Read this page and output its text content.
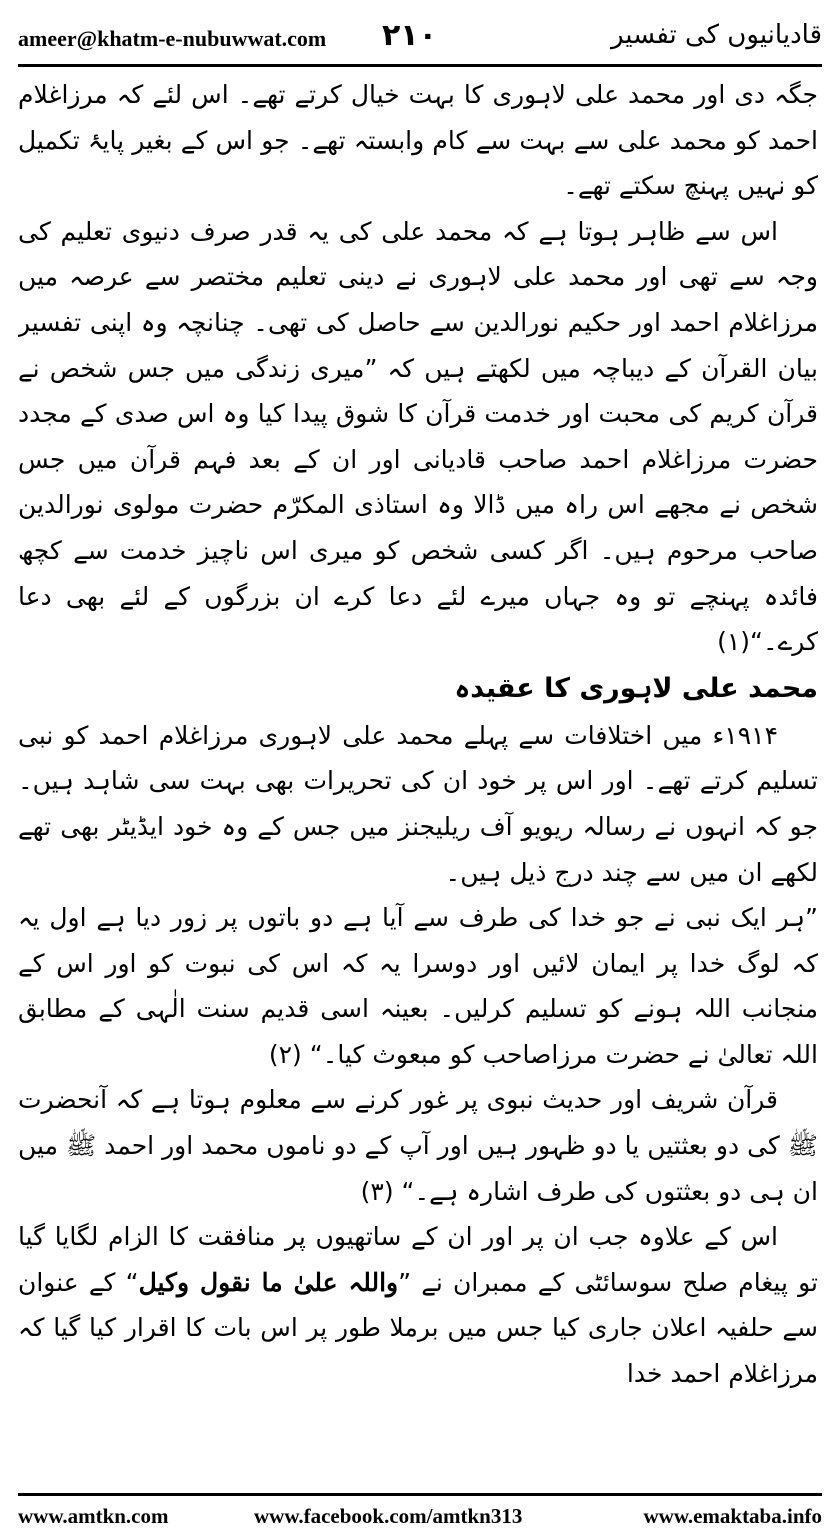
ameer@khatm-e-nubuwwat.com ۲۱۰	قادیانیوں کی تفسیر

جگہ دی اور محمد علی لاہوری کا بہت خیال کرتے تھے۔ اس لئے کہ مرزاغلام احمد کو محمد علی سے بہت سے کام وابستہ تھے۔ جو اس کے بغیر پایۂ تکمیل کو نہیں پہنچ سکتے تھے۔

اس سے ظاہر ہوتا ہے کہ محمد علی کی یہ قدر صرف دنیوی تعلیم کی وجہ سے تھی اور محمد علی لاہوری نے دینی تعلیم مختصر سے عرصہ میں مرزاغلام احمد اور حکیم نورالدین سے حاصل کی تھی۔ چنانچہ وہ اپنی تفسیر بیان القرآن کے دیباچہ میں لکھتے ہیں کہ ”میری زندگی میں جس شخص نے قرآن کریم کی محبت اور خدمت قرآن کا شوق پیدا کیا وہ اس صدی کے مجدد حضرت مرزاغلام احمد صاحب قادیانی اور ان کے بعد فہم قرآن میں جس شخص نے مجھے اس راہ میں ڈالا وہ استاذی المکرّم حضرت مولوی نورالدین صاحب مرحوم ہیں۔ اگر کسی شخص کو میری اس ناچیز خدمت سے کچھ فائدہ پہنچے تو وہ جہاں میرے لئے دعا کرے ان بزرگوں کے لئے بھی دعا کرے۔“(۱)

محمد علی لاہوری کا عقیدہ

۱۹۱۴ء میں اختلافات سے پہلے محمد علی لاہوری مرزاغلام احمد کو نبی تسلیم کرتے تھے۔ اور اس پر خود ان کی تحریرات بھی بہت سی شاہد ہیں۔ جو کہ انہوں نے رسالہ ریویو آف ریلیجنز میں جس کے وہ خود ایڈیٹر بھی تھے لکھے ان میں سے چند درج ذیل ہیں۔

”ہر ایک نبی نے جو خدا کی طرف سے آیا ہے دو باتوں پر زور دیا ہے اول یہ کہ لوگ خدا پر ایمان لائیں اور دوسرا یہ کہ اس کی نبوت کو اور اس کے منجانب اللہ ہونے کو تسلیم کرلیں۔ بعینہ اسی قدیم سنت الٰہی کے مطابق اللہ تعالیٰ نے حضرت مرزاصاحب کو مبعوث کیا۔“ (۲)

قرآن شریف اور حدیث نبوی پر غور کرنے سے معلوم ہوتا ہے کہ آنحضرت ﷺ کی دو بعثتیں یا دو ظہور ہیں اور آپ کے دو ناموں محمد اور احمد ﷺ میں ان ہی دو بعثتوں کی طرف اشارہ ہے۔“ (۳)

اس کے علاوہ جب ان پر اور ان کے ساتھیوں پر منافقت کا الزام لگایا گیا تو پیغام صلح سوسائٹی کے ممبران نے ”واللہ علیٰ ما نقول وکیل“ کے عنوان سے حلفیہ اعلان جاری کیا جس میں برملا طور پر اس بات کا اقرار کیا گیا کہ مرزاغلام احمد خدا

www.amtkn.com	www.facebook.com/amtkn313	www.emaktaba.info
